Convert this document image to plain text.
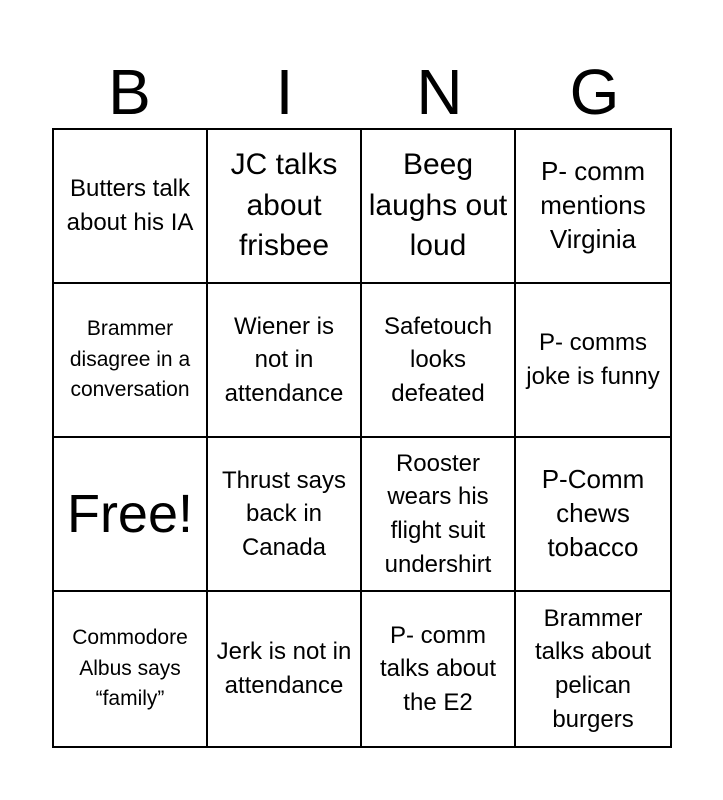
B	I	N	G
Butters talk about his IA
JC talks about frisbee
Beeg laughs out loud
P- comm mentions Virginia
Brammer disagree in a conversation
Wiener is not in attendance
Safetouch looks defeated
P- comms joke is funny
Free!
Thrust says back in Canada
Rooster wears his flight suit undershirt
P-Comm chews tobacco
Commodore Albus says “family”
Jerk is not in attendance
P- comm talks about the E2
Brammer talks about pelican burgers
